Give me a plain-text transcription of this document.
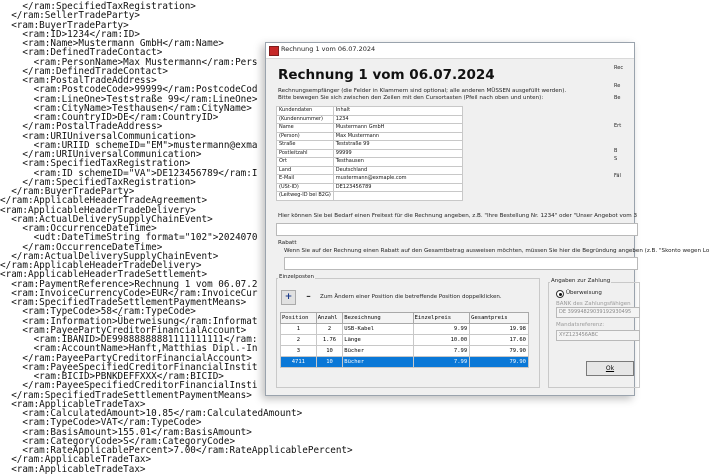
</ram:SpecifiedTaxRegistration>
</ram:SellerTradeParty>
<ram:BuyerTradeParty>
<ram:ID>1234</ram:ID>
<ram:Name>Mustermann GmbH</ram:Name>
<ram:DefinedTradeContact>
<ram:PersonName>Max Mustermann</ram:Pers
</ram:DefinedTradeContact>
<ram:PostalTradeAddress>
<ram:PostcodeCode>99999</ram:PostcodeCod
<ram:LineOne>Teststraße 99</ram:LineOne>
<ram:CityName>Testhausen</ram:CityName>
<ram:CountryID>DE</ram:CountryID>
</ram:PostalTradeAddress>
<ram:URIUniversalCommunication>
<ram:URIID schemeID="EM">mustermann@exma
</ram:URIUniversalCommunication>
<ram:SpecifiedTaxRegistration>
<ram:ID schemeID="VA">DE123456789</ram:I
</ram:SpecifiedTaxRegistration>
</ram:BuyerTradeParty>
</ram:ApplicableHeaderTradeAgreement>
<ram:ApplicableHeaderTradeDelivery>
<ram:ActualDeliverySupplyChainEvent>
<ram:OccurrenceDateTime>
<udt:DateTimeString format="102">2024070
</ram:OccurrenceDateTime>
</ram:ActualDeliverySupplyChainEvent>
</ram:ApplicableHeaderTradeDelivery>
<ram:ApplicableHeaderTradeSettlement>
<ram:PaymentReference>Rechnung 1 vom 06.07.2
<ram:InvoiceCurrencyCode>EUR</ram:InvoiceCur
<ram:SpecifiedTradeSettlementPaymentMeans>
<ram:TypeCode>58</ram:TypeCode>
<ram:Information>Überweisung</ram:Informat
<ram:PayeePartyCreditorFinancialAccount>
<ram:IBANID>DE99888888881111111111</ram:
<ram:AccountName>Hanft,Matthias Dipl.-In
</ram:PayeePartyCreditorFinancialAccount>
<ram:PayeeSpecifiedCreditorFinancialInstit
<ram:BICID>PBNKDEFFXXX</ram:BICID>
</ram:PayeeSpecifiedCreditorFinancialInsti
</ram:SpecifiedTradeSettlementPaymentMeans>
<ram:ApplicableTradeTax>
<ram:CalculatedAmount>10.85</ram:CalculatedAmount>
<ram:TypeCode>VAT</ram:TypeCode>
<ram:BasisAmount>155.01</ram:BasisAmount>
<ram:CategoryCode>S</ram:CategoryCode>
<ram:RateApplicablePercent>7.00</ram:RateApplicablePercent>
</ram:ApplicableTradeTax>
<ram:ApplicableTradeTax>
Rechnung 1 vom 06.07.2024
Rechnung 1 vom 06.07.2024
Rechnungsempfänger (die Felder in Klammern sind optional; alle anderen MÜSSEN ausgefüllt werden).
Bitte bewegen Sie sich zwischen den Zeilen mit den Cursortasten (Pfeil nach oben und unten):
Kundendaten	Inhalt
(Kundennummer)	1234
Name	Mustermann GmbH
(Person)	Max Mustermann
Straße	Teststraße 99
Postleitzahl	99999
Ort	Testhausen
Land	Deutschland
E-Mail	mustermann@exmaple.com
(USt-ID)	DE123456789
(Leitweg-ID bei B2G)	
Hier können Sie bei Bedarf einen Freitext für die Rechnung angeben, z.B. "Ihre Bestellung Nr. 1234" oder "Unser Angebot vom 3
Rabatt
Wenn Sie auf der Rechnung einen Rabatt auf den Gesamtbetrag ausweisen möchten, müssen Sie hier die Begründung angeben (z.B. "Skonto wegen Lo
Einzelposten
+	–	Zum Ändern einer Position die betreffende Position doppelklicken.
Position	Anzahl	Bezeichnung	Einzelpreis	Gesamtpreis
1	2	USB-Kabel	9.99	19.98
2	1.76	Länge	10.00	17.60
3	10	Bücher	7.99	79.90
4711	10	Bücher	7.99	79.90
Angaben zur Zahlung
Überweisung
BANK des Zahlungsfähigen
DE 39994829039192930495
Mandatsreferenz:
XYZ123456ABC
Ok
Rec
Re
Be
Ert
B
S
Fäl
